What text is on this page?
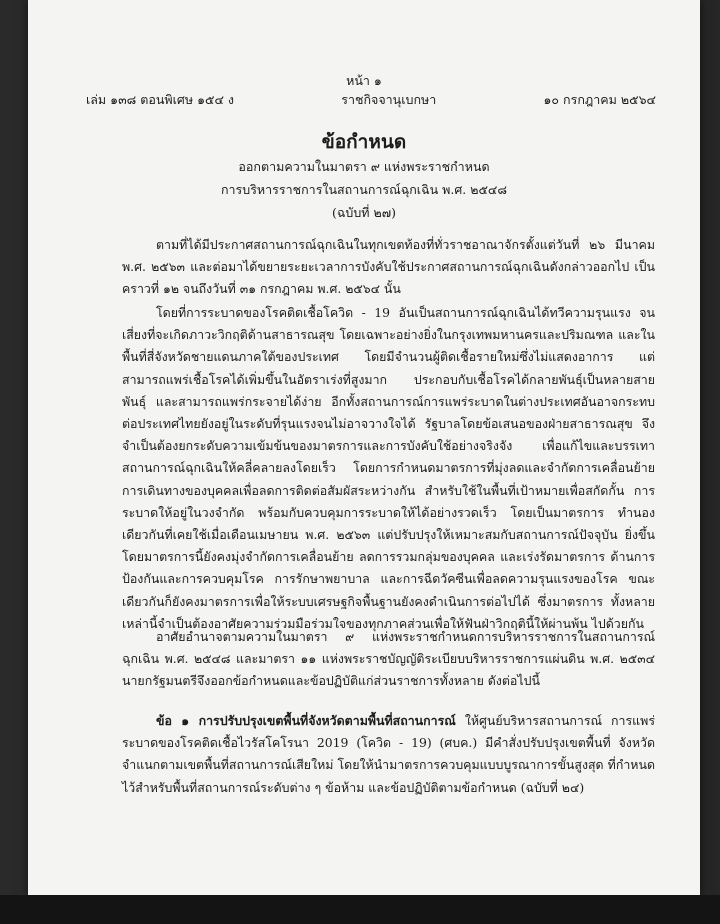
หน้า ๑
เล่ม ๑๓๘ ตอนพิเศษ ๑๕๔ ง	ราชกิจจานุเบกษา	๑๐ กรกฎาคม ๒๕๖๔
ข้อกำหนด
ออกตามความในมาตรา ๙ แห่งพระราชกำหนด
การบริหารราชการในสถานการณ์ฉุกเฉิน พ.ศ. ๒๕๔๘
(ฉบับที่ ๒๗)

ตามที่ได้มีประกาศสถานการณ์ฉุกเฉินในทุกเขตท้องที่ทั่วราชอาณาจักรตั้งแต่วันที่ ๒๖ มีนาคม พ.ศ. ๒๕๖๓ และต่อมาได้ขยายระยะเวลาการบังคับใช้ประกาศสถานการณ์ฉุกเฉินดังกล่าวออกไป เป็นคราวที่ ๑๒ จนถึงวันที่ ๓๑ กรกฎาคม พ.ศ. ๒๕๖๔ นั้น

โดยที่การระบาดของโรคติดเชื้อโควิด - 19 อันเป็นสถานการณ์ฉุกเฉินได้ทวีความรุนแรง จนเสี่ยงที่จะเกิดภาวะวิกฤติด้านสาธารณสุข โดยเฉพาะอย่างยิ่งในกรุงเทพมหานครและปริมณฑล และในพื้นที่สี่จังหวัดชายแดนภาคใต้ของประเทศ โดยมีจำนวนผู้ติดเชื้อรายใหม่ซึ่งไม่แสดงอาการ แต่สามารถแพร่เชื้อโรคได้เพิ่มขึ้นในอัตราเร่งที่สูงมาก ประกอบกับเชื้อโรคได้กลายพันธุ์เป็นหลายสายพันธุ์ และสามารถแพร่กระจายได้ง่าย อีกทั้งสถานการณ์การแพร่ระบาดในต่างประเทศอันอาจกระทบ ต่อประเทศไทยยังอยู่ในระดับที่รุนแรงจนไม่อาจวางใจได้ รัฐบาลโดยข้อเสนอของฝ่ายสาธารณสุข จึงจำเป็นต้องยกระดับความเข้มข้นของมาตรการและการบังคับใช้อย่างจริงจัง เพื่อแก้ไขและบรรเทา สถานการณ์ฉุกเฉินให้คลี่คลายลงโดยเร็ว โดยการกำหนดมาตรการที่มุ่งลดและจำกัดการเคลื่อนย้าย การเดินทางของบุคคลเพื่อลดการติดต่อสัมผัสระหว่างกัน สำหรับใช้ในพื้นที่เป้าหมายเพื่อสกัดกั้น การระบาดให้อยู่ในวงจำกัด พร้อมกับควบคุมการระบาดให้ได้อย่างรวดเร็ว โดยเป็นมาตรการ ทำนองเดียวกันที่เคยใช้เมื่อเดือนเมษายน พ.ศ. ๒๕๖๓ แต่ปรับปรุงให้เหมาะสมกับสถานการณ์ปัจจุบัน ยิ่งขึ้น โดยมาตรการนี้ยังคงมุ่งจำกัดการเคลื่อนย้าย ลดการรวมกลุ่มของบุคคล และเร่งรัดมาตรการ ด้านการป้องกันและการควบคุมโรค การรักษาพยาบาล และการฉีดวัคซีนเพื่อลดความรุนแรงของโรค ขณะเดียวกันก็ยังคงมาตรการเพื่อให้ระบบเศรษฐกิจพื้นฐานยังคงดำเนินการต่อไปได้ ซึ่งมาตรการ ทั้งหลายเหล่านี้จำเป็นต้องอาศัยความร่วมมือร่วมใจของทุกภาคส่วนเพื่อให้ฟันฝ่าวิกฤตินี้ให้ผ่านพ้น ไปด้วยกัน

อาศัยอำนาจตามความในมาตรา ๙ แห่งพระราชกำหนดการบริหารราชการในสถานการณ์ฉุกเฉิน พ.ศ. ๒๕๔๘ และมาตรา ๑๑ แห่งพระราชบัญญัติระเบียบบริหารราชการแผ่นดิน พ.ศ. ๒๕๓๔ นายกรัฐมนตรีจึงออกข้อกำหนดและข้อปฏิบัติแก่ส่วนราชการทั้งหลาย ดังต่อไปนี้

ข้อ ๑ การปรับปรุงเขตพื้นที่จังหวัดตามพื้นที่สถานการณ์ ให้ศูนย์บริหารสถานการณ์ การแพร่ระบาดของโรคติดเชื้อไวรัสโคโรนา 2019 (โควิด - 19) (ศบค.) มีคำสั่งปรับปรุงเขตพื้นที่ จังหวัดจำแนกตามเขตพื้นที่สถานการณ์เสียใหม่ โดยให้นำมาตรการควบคุมแบบบูรณาการขั้นสูงสุด ที่กำหนดไว้สำหรับพื้นที่สถานการณ์ระดับต่าง ๆ ข้อห้าม และข้อปฏิบัติตามข้อกำหนด (ฉบับที่ ๒๔)
